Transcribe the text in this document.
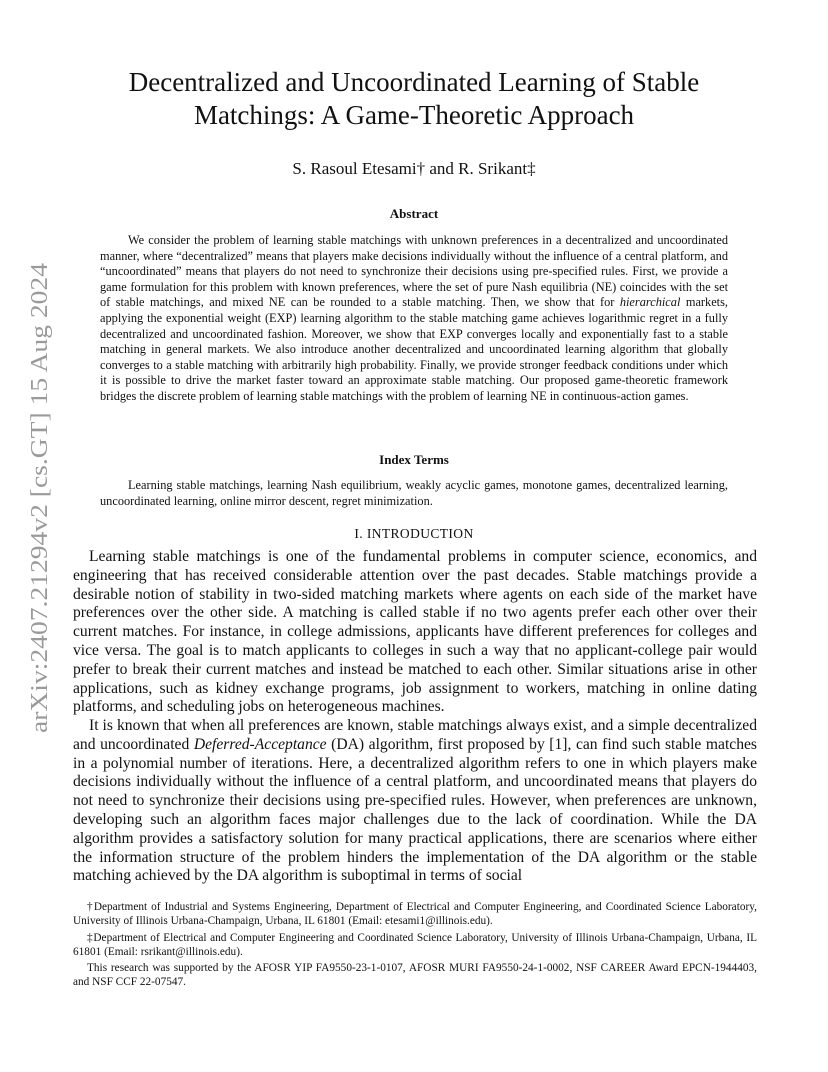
arXiv:2407.21294v2 [cs.GT] 15 Aug 2024
Decentralized and Uncoordinated Learning of Stable Matchings: A Game-Theoretic Approach
S. Rasoul Etesami† and R. Srikant‡
Abstract

We consider the problem of learning stable matchings with unknown preferences in a decentralized and uncoordinated manner, where “decentralized” means that players make decisions individually without the influence of a central platform, and “uncoordinated” means that players do not need to synchronize their decisions using pre-specified rules. First, we provide a game formulation for this problem with known preferences, where the set of pure Nash equilibria (NE) coincides with the set of stable matchings, and mixed NE can be rounded to a stable matching. Then, we show that for hierarchical markets, applying the exponential weight (EXP) learning algorithm to the stable matching game achieves logarithmic regret in a fully decentralized and uncoordinated fashion. Moreover, we show that EXP converges locally and exponentially fast to a stable matching in general markets. We also introduce another decentralized and uncoordinated learning algorithm that globally converges to a stable matching with arbitrarily high probability. Finally, we provide stronger feedback conditions under which it is possible to drive the market faster toward an approximate stable matching. Our proposed game-theoretic framework bridges the discrete problem of learning stable matchings with the problem of learning NE in continuous-action games.

Index Terms

Learning stable matchings, learning Nash equilibrium, weakly acyclic games, monotone games, decentralized learning, uncoordinated learning, online mirror descent, regret minimization.

I. INTRODUCTION

Learning stable matchings is one of the fundamental problems in computer science, economics, and engineering that has received considerable attention over the past decades. Stable matchings provide a desirable notion of stability in two-sided matching markets where agents on each side of the market have preferences over the other side. A matching is called stable if no two agents prefer each other over their current matches. For instance, in college admissions, applicants have different preferences for colleges and vice versa. The goal is to match applicants to colleges in such a way that no applicant-college pair would prefer to break their current matches and instead be matched to each other. Similar situations arise in other applications, such as kidney exchange programs, job assignment to workers, matching in online dating platforms, and scheduling jobs on heterogeneous machines.

It is known that when all preferences are known, stable matchings always exist, and a simple decentralized and uncoordinated Deferred-Acceptance (DA) algorithm, first proposed by [1], can find such stable matches in a polynomial number of iterations. Here, a decentralized algorithm refers to one in which players make decisions individually without the influence of a central platform, and uncoordinated means that players do not need to synchronize their decisions using pre-specified rules. However, when preferences are unknown, developing such an algorithm faces major challenges due to the lack of coordination. While the DA algorithm provides a satisfactory solution for many practical applications, there are scenarios where either the information structure of the problem hinders the implementation of the DA algorithm or the stable matching achieved by the DA algorithm is suboptimal in terms of social

†Department of Industrial and Systems Engineering, Department of Electrical and Computer Engineering, and Coordinated Science Laboratory, University of Illinois Urbana-Champaign, Urbana, IL 61801 (Email: etesami1@illinois.edu).

‡Department of Electrical and Computer Engineering and Coordinated Science Laboratory, University of Illinois Urbana-Champaign, Urbana, IL 61801 (Email: rsrikant@illinois.edu).

This research was supported by the AFOSR YIP FA9550-23-1-0107, AFOSR MURI FA9550-24-1-0002, NSF CAREER Award EPCN-1944403, and NSF CCF 22-07547.
